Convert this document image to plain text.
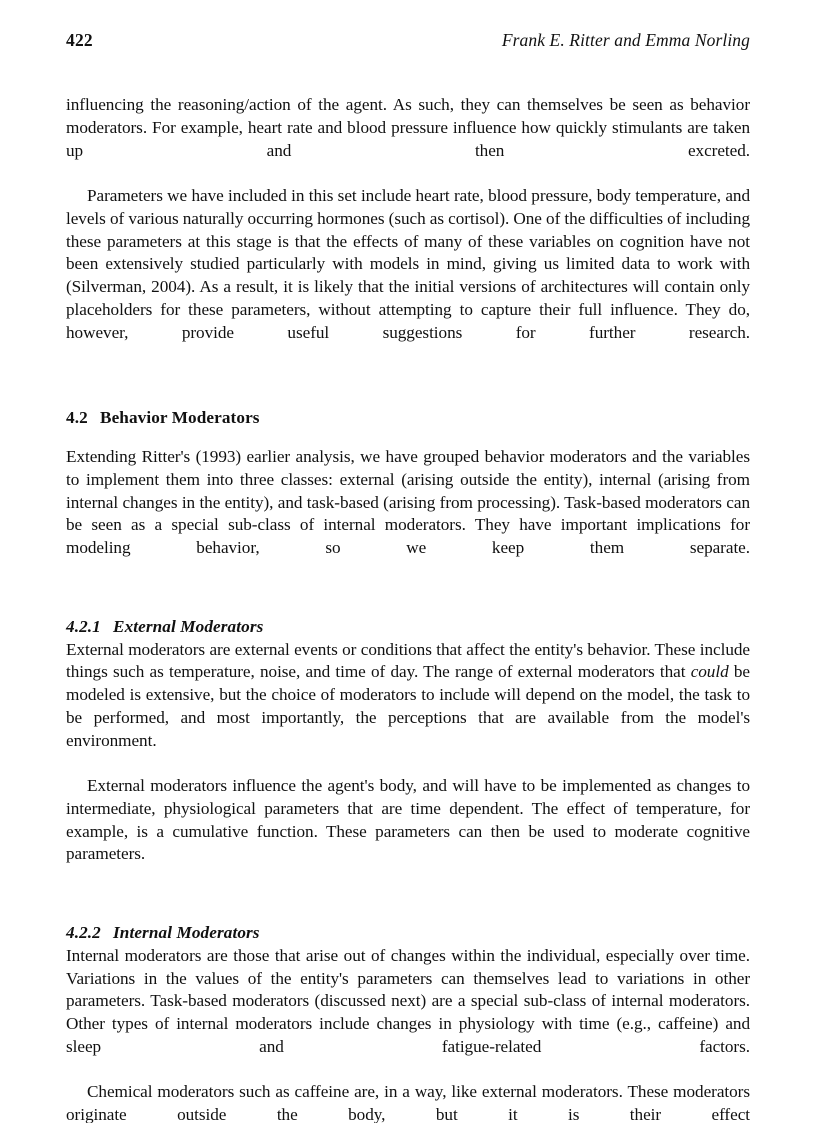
422	Frank E. Ritter and Emma Norling

influencing the reasoning/action of the agent. As such, they can themselves be seen as behavior moderators. For example, heart rate and blood pressure influence how quickly stimulants are taken up and then excreted.

Parameters we have included in this set include heart rate, blood pressure, body temperature, and levels of various naturally occurring hormones (such as cortisol). One of the difficulties of including these parameters at this stage is that the effects of many of these variables on cognition have not been extensively studied particularly with models in mind, giving us limited data to work with (Silverman, 2004). As a result, it is likely that the initial versions of architectures will contain only placeholders for these parameters, without attempting to capture their full influence. They do, however, provide useful suggestions for further research.

4.2 Behavior Moderators

Extending Ritter's (1993) earlier analysis, we have grouped behavior moderators and the variables to implement them into three classes: external (arising outside the entity), internal (arising from internal changes in the entity), and task-based (arising from processing). Task-based moderators can be seen as a special sub-class of internal moderators. They have important implications for modeling behavior, so we keep them separate.

4.2.1 External Moderators

External moderators are external events or conditions that affect the entity's behavior. These include things such as temperature, noise, and time of day. The range of external moderators that could be modeled is extensive, but the choice of moderators to include will depend on the model, the task to be performed, and most importantly, the perceptions that are available from the model's environment.

External moderators influence the agent's body, and will have to be implemented as changes to intermediate, physiological parameters that are time dependent. The effect of temperature, for example, is a cumulative function. These parameters can then be used to moderate cognitive parameters.

4.2.2 Internal Moderators

Internal moderators are those that arise out of changes within the individual, especially over time. Variations in the values of the entity's parameters can themselves lead to variations in other parameters. Task-based moderators (discussed next) are a special sub-class of internal moderators. Other types of internal moderators include changes in physiology with time (e.g., caffeine) and sleep and fatigue-related factors.

Chemical moderators such as caffeine are, in a way, like external moderators. These moderators originate outside the body, but it is their effect
